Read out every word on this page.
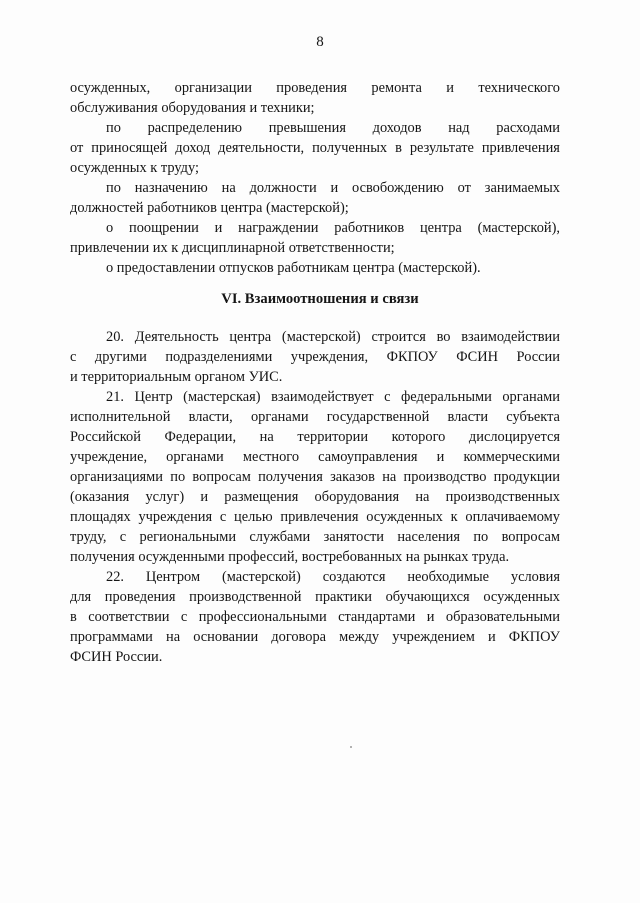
8
осужденных, организации проведения ремонта и технического
обслуживания оборудования и техники;
по распределению превышения доходов над расходами
от приносящей доход деятельности, полученных в результате привлечения
осужденных к труду;
по назначению на должности и освобождению от занимаемых
должностей работников центра (мастерской);
о поощрении и награждении работников центра (мастерской),
привлечении их к дисциплинарной ответственности;
о предоставлении отпусков работникам центра (мастерской).
VI. Взаимоотношения и связи
20. Деятельность центра (мастерской) строится во взаимодействии
с другими подразделениями учреждения, ФКПОУ ФСИН России
и территориальным органом УИС.
21. Центр (мастерская) взаимодействует с федеральными органами
исполнительной власти, органами государственной власти субъекта
Российской Федерации, на территории которого дислоцируется
учреждение, органами местного самоуправления и коммерческими
организациями по вопросам получения заказов на производство продукции
(оказания услуг) и размещения оборудования на производственных
площадях учреждения с целью привлечения осужденных к оплачиваемому
труду, с региональными службами занятости населения по вопросам
получения осужденными профессий, востребованных на рынках труда.
22. Центром (мастерской) создаются необходимые условия
для проведения производственной практики обучающихся осужденных
в соответствии с профессиональными стандартами и образовательными
программами на основании договора между учреждением и ФКПОУ
ФСИН России.
